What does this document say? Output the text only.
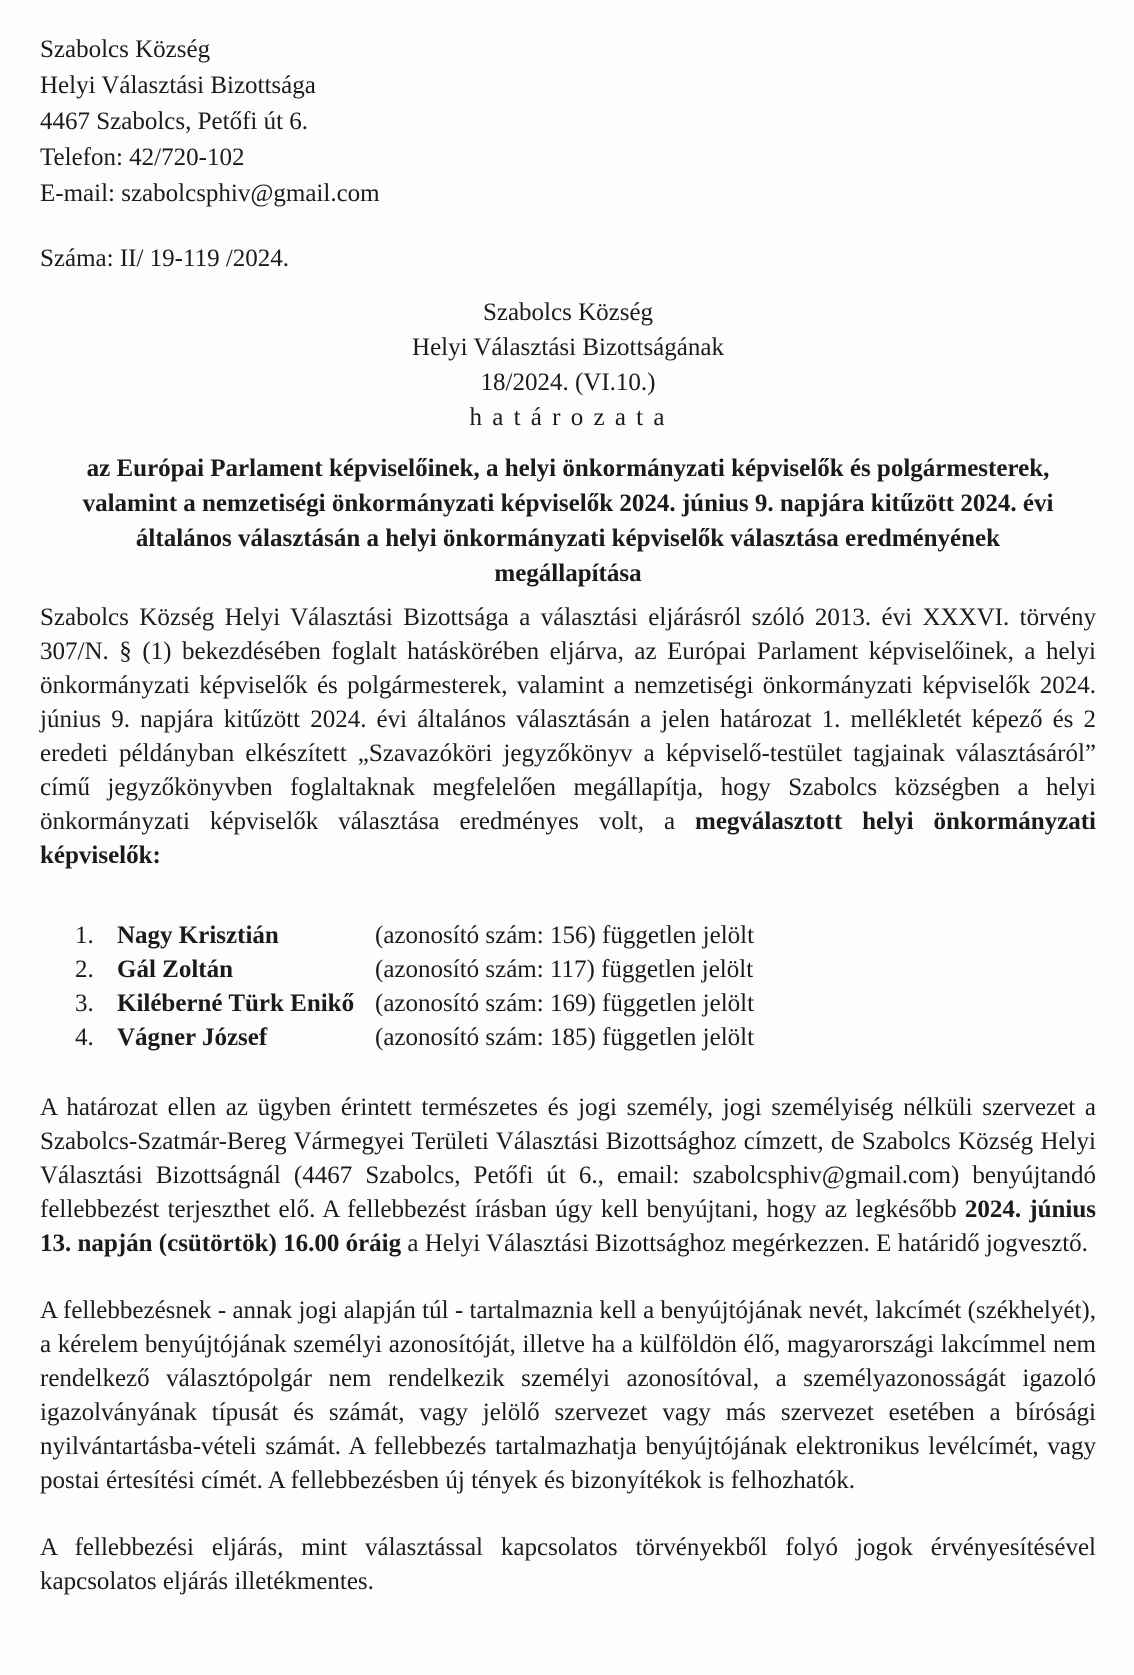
Szabolcs Község
Helyi Választási Bizottsága
4467 Szabolcs, Petőfi út 6.
Telefon: 42/720-102
E-mail: szabolcsphiv@gmail.com
Száma: II/ 19-119 /2024.
Szabolcs Község
Helyi Választási Bizottságának
18/2024. (VI.10.)
h a t á r o z a t a

az Európai Parlament képviselőinek, a helyi önkormányzati képviselők és polgármesterek, valamint a nemzetiségi önkormányzati képviselők 2024. június 9. napjára kitűzött 2024. évi általános választásán a helyi önkormányzati képviselők választása eredményének megállapítása

Szabolcs Község Helyi Választási Bizottsága a választási eljárásról szóló 2013. évi XXXVI. törvény 307/N. § (1) bekezdésében foglalt hatáskörében eljárva, az Európai Parlament képviselőinek, a helyi önkormányzati képviselők és polgármesterek, valamint a nemzetiségi önkormányzati képviselők 2024. június 9. napjára kitűzött 2024. évi általános választásán a jelen határozat 1. mellékletét képező és 2 eredeti példányban elkészített „Szavazóköri jegyzőkönyv a képviselő-testület tagjainak választásáról” című jegyzőkönyvben foglaltaknak megfelelően megállapítja, hogy Szabolcs községben a helyi önkormányzati képviselők választása eredményes volt, a megválasztott helyi önkormányzati képviselők:

1. Nagy Krisztián	(azonosító szám: 156) független jelölt
2. Gál Zoltán	(azonosító szám: 117) független jelölt
3. Kiléberné Türk Enikő (azonosító szám: 169) független jelölt
4. Vágner József	(azonosító szám: 185) független jelölt

A határozat ellen az ügyben érintett természetes és jogi személy, jogi személyiség nélküli szervezet a Szabolcs-Szatmár-Bereg Vármegyei Területi Választási Bizottsághoz címzett, de Szabolcs Község Helyi Választási Bizottságnál (4467 Szabolcs, Petőfi út 6., email: szabolcsphiv@gmail.com) benyújtandó fellebbezést terjeszthet elő. A fellebbezést írásban úgy kell benyújtani, hogy az legkésőbb 2024. június 13. napján (csütörtök) 16.00 óráig a Helyi Választási Bizottsághoz megérkezzen. E határidő jogvesztő.

A fellebbezésnek - annak jogi alapján túl - tartalmaznia kell a benyújtójának nevét, lakcímét (székhelyét), a kérelem benyújtójának személyi azonosítóját, illetve ha a külföldön élő, magyarországi lakcímmel nem rendelkező választópolgár nem rendelkezik személyi azonosítóval, a személyazonosságát igazoló igazolványának típusát és számát, vagy jelölő szervezet vagy más szervezet esetében a bírósági nyilvántartásba-vételi számát. A fellebbezés tartalmazhatja benyújtójának elektronikus levélcímét, vagy postai értesítési címét. A fellebbezésben új tények és bizonyítékok is felhozhatók.

A fellebbezési eljárás, mint választással kapcsolatos törvényekből folyó jogok érvényesítésével kapcsolatos eljárás illetékmentes.
